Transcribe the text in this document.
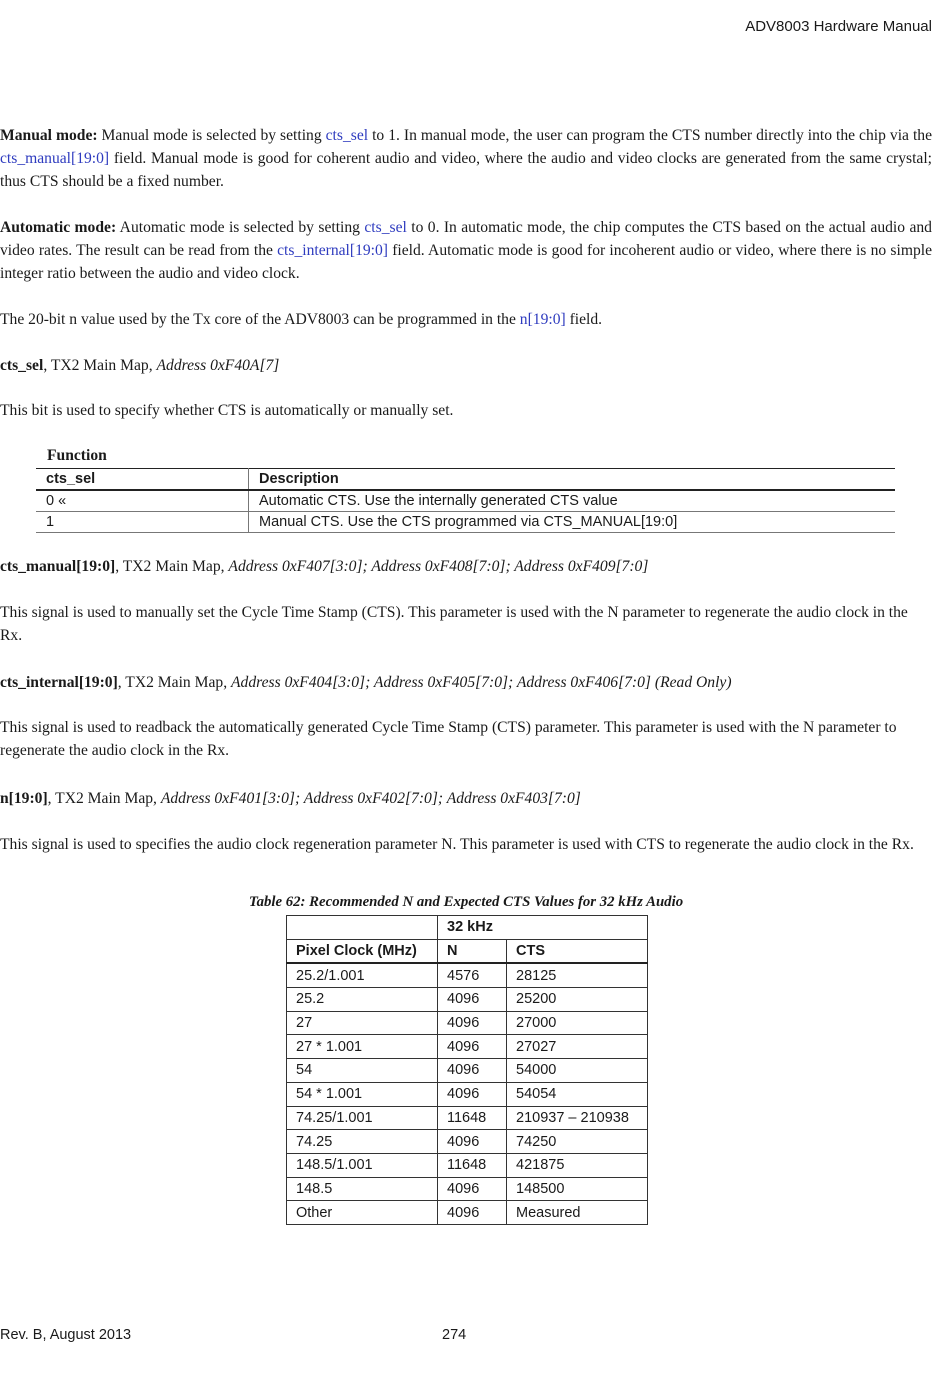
ADV8003 Hardware Manual

Manual mode: Manual mode is selected by setting cts_sel to 1. In manual mode, the user can program the CTS number directly into the chip via the cts_manual[19:0] field. Manual mode is good for coherent audio and video, where the audio and video clocks are generated from the same crystal; thus CTS should be a fixed number.

Automatic mode: Automatic mode is selected by setting cts_sel to 0. In automatic mode, the chip computes the CTS based on the actual audio and video rates. The result can be read from the cts_internal[19:0] field. Automatic mode is good for incoherent audio or video, where there is no simple integer ratio between the audio and video clock.

The 20-bit n value used by the Tx core of the ADV8003 can be programmed in the n[19:0] field.

cts_sel, TX2 Main Map, Address 0xF40A[7]

This bit is used to specify whether CTS is automatically or manually set.

Function
cts_sel	Description
0 «	Automatic CTS. Use the internally generated CTS value
1	Manual CTS. Use the CTS programmed via CTS_MANUAL[19:0]

cts_manual[19:0], TX2 Main Map, Address 0xF407[3:0]; Address 0xF408[7:0]; Address 0xF409[7:0]

This signal is used to manually set the Cycle Time Stamp (CTS). This parameter is used with the N parameter to regenerate the audio clock in the Rx.

cts_internal[19:0], TX2 Main Map, Address 0xF404[3:0]; Address 0xF405[7:0]; Address 0xF406[7:0] (Read Only)

This signal is used to readback the automatically generated Cycle Time Stamp (CTS) parameter. This parameter is used with the N parameter to regenerate the audio clock in the Rx.

n[19:0], TX2 Main Map, Address 0xF401[3:0]; Address 0xF402[7:0]; Address 0xF403[7:0]

This signal is used to specifies the audio clock regeneration parameter N. This parameter is used with CTS to regenerate the audio clock in the Rx.

Table 62: Recommended N and Expected CTS Values for 32 kHz Audio
	32 kHz	
Pixel Clock (MHz)	N	CTS
25.2/1.001	4576	28125
25.2	4096	25200
27	4096	27000
27 * 1.001	4096	27027
54	4096	54000
54 * 1.001	4096	54054
74.25/1.001	11648	210937 – 210938
74.25	4096	74250
148.5/1.001	11648	421875
148.5	4096	148500
Other	4096	Measured
Rev. B, August 2013	274
